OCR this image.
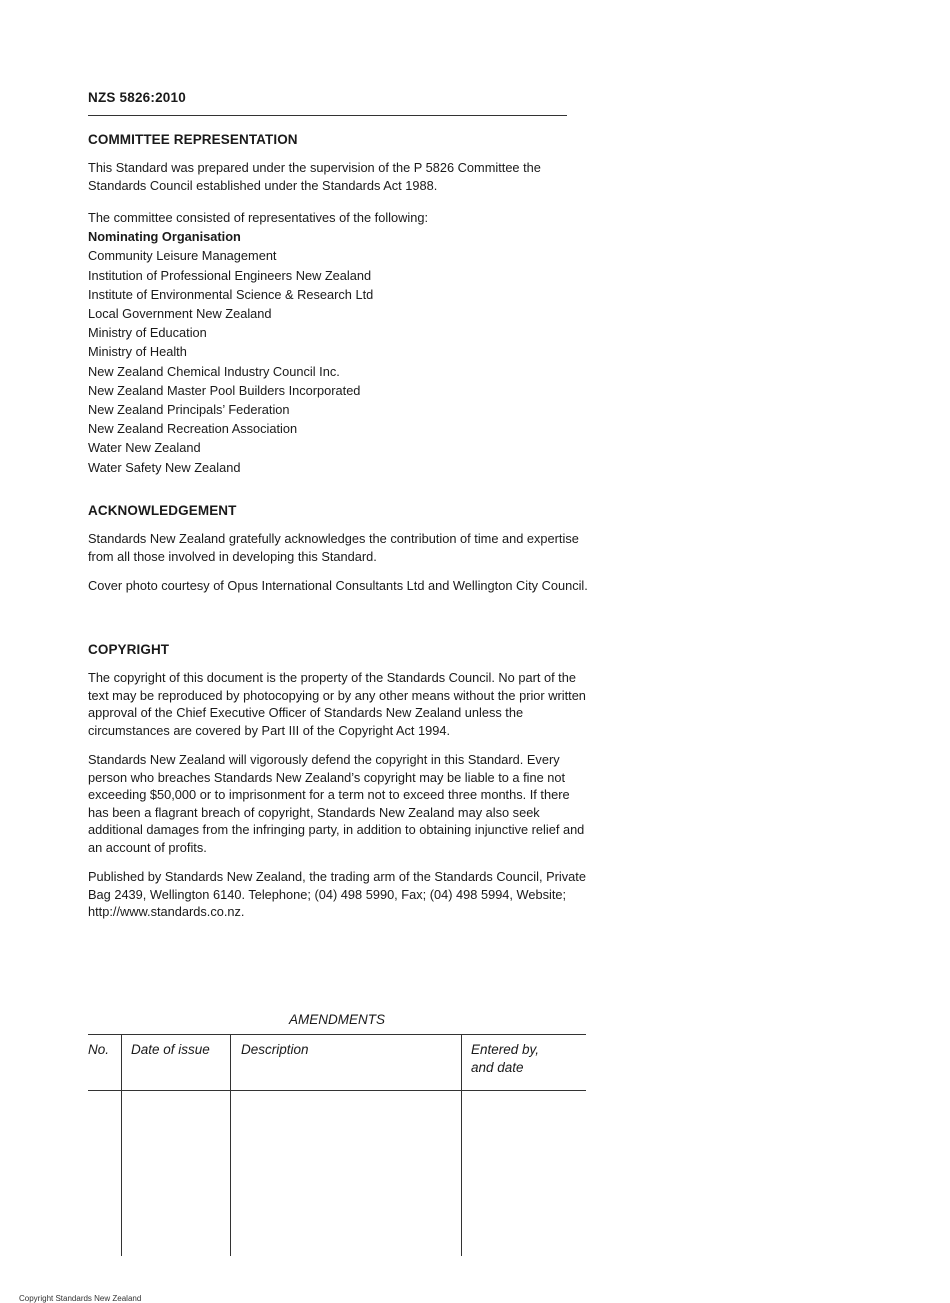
NZS 5826:2010
COMMITTEE REPRESENTATION
This Standard was prepared under the supervision of the P 5826 Committee the Standards Council established under the Standards Act 1988.
The committee consisted of representatives of the following:
Nominating Organisation
Community Leisure Management
Institution of Professional Engineers New Zealand
Institute of Environmental Science & Research Ltd
Local Government New Zealand
Ministry of Education
Ministry of Health
New Zealand Chemical Industry Council Inc.
New Zealand Master Pool Builders Incorporated
New Zealand Principals’ Federation
New Zealand Recreation Association
Water New Zealand
Water Safety New Zealand
ACKNOWLEDGEMENT
Standards New Zealand gratefully acknowledges the contribution of time and expertise from all those involved in developing this Standard.
Cover photo courtesy of Opus International Consultants Ltd and Wellington City Council.
COPYRIGHT
The copyright of this document is the property of the Standards Council. No part of the text may be reproduced by photocopying or by any other means without the prior written approval of the Chief Executive Officer of Standards New Zealand unless the circumstances are covered by Part III of the Copyright Act 1994.
Standards New Zealand will vigorously defend the copyright in this Standard. Every person who breaches Standards New Zealand’s copyright may be liable to a fine not exceeding $50,000 or to imprisonment for a term not to exceed three months. If there has been a flagrant breach of copyright, Standards New Zealand may also seek additional damages from the infringing party, in addition to obtaining injunctive relief and an account of profits.
Published by Standards New Zealand, the trading arm of the Standards Council, Private Bag 2439, Wellington 6140. Telephone; (04) 498 5990, Fax; (04) 498 5994, Website; http://www.standards.co.nz.
AMENDMENTS
No. Date of issue Description	Entered by,
and date
Copyright Standards New Zealand
